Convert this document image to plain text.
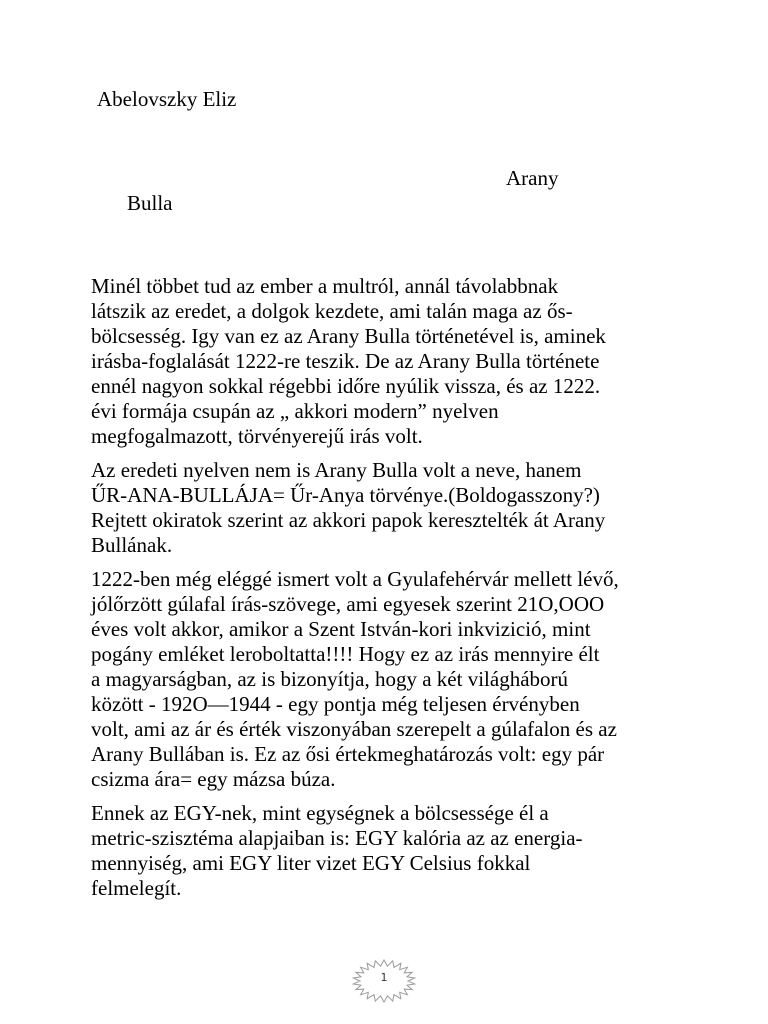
Abelovszky Eliz

Arany

Bulla

Minél többet tud az ember a multról, annál távolabbnak
látszik az eredet, a dolgok kezdete, ami talán maga az ős-
bölcsesség. Igy van ez az Arany Bulla történetével is, aminek
irásba-foglalását 1222-re teszik. De az Arany Bulla története
ennél nagyon sokkal régebbi időre nyúlik vissza, és az 1222.
évi formája csupán az „ akkori modern” nyelven
megfogalmazott, törvényerejű irás volt.

Az eredeti nyelven nem is Arany Bulla volt a neve, hanem
ŰR-ANA-BULLÁJA= Űr-Anya törvénye.(Boldogasszony?)
Rejtett okiratok szerint az akkori papok keresztelték át Arany
Bullának.

1222-ben még eléggé ismert volt a Gyulafehérvár mellett lévő,
jólőrzött gúlafal írás-szövege, ami egyesek szerint 21O,OOO
éves volt akkor, amikor a Szent István-kori inkvizició, mint
pogány emléket leroboltatta!!!! Hogy ez az irás mennyire élt
a magyarságban, az is bizonyítja, hogy a két világháború
között - 192O—1944 - egy pontja még teljesen érvényben
volt, ami az ár és érték viszonyában szerepelt a gúlafalon és az
Arany Bullában is. Ez az ősi értekmeghatározás volt: egy pár
csizma ára= egy mázsa búza.

Ennek az EGY-nek, mint egységnek a bölcsessége él a
metric-szisztéma alapjaiban is: EGY kalória az az energia-
mennyiség, ami EGY liter vizet EGY Celsius fokkal
felmelegít.

1
